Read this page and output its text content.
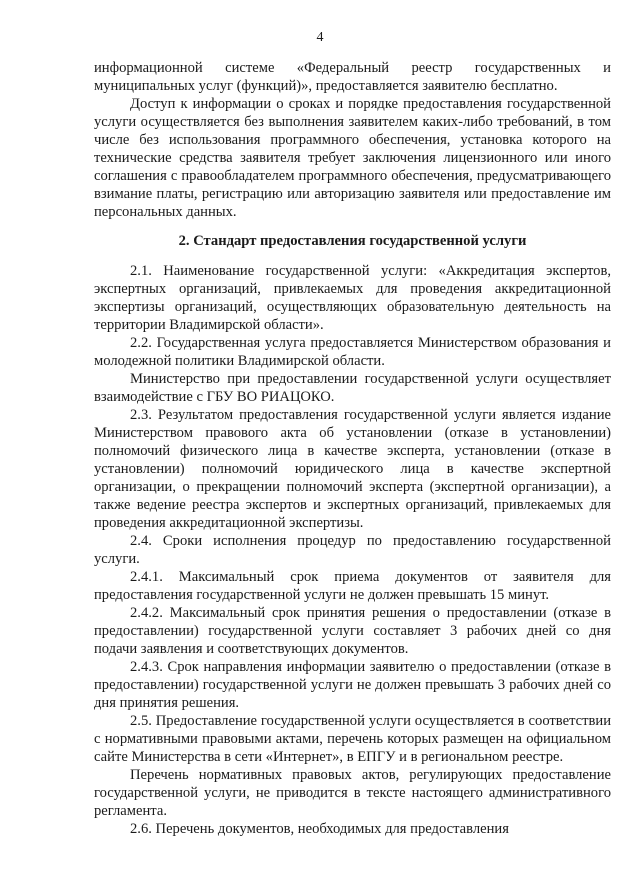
4

информационной системе «Федеральный реестр государственных и муниципальных услуг (функций)», предоставляется заявителю бесплатно.

Доступ к информации о сроках и порядке предоставления государственной услуги осуществляется без выполнения заявителем каких-либо требований, в том числе без использования программного обеспечения, установка которого на технические средства заявителя требует заключения лицензионного или иного соглашения с правообладателем программного обеспечения, предусматривающего взимание платы, регистрацию или авторизацию заявителя или предоставление им персональных данных.

2. Стандарт предоставления государственной услуги

2.1. Наименование государственной услуги: «Аккредитация экспертов, экспертных организаций, привлекаемых для проведения аккредитационной экспертизы организаций, осуществляющих образовательную деятельность на территории Владимирской области».

2.2. Государственная услуга предоставляется Министерством образования и молодежной политики Владимирской области.

Министерство при предоставлении государственной услуги осуществляет взаимодействие с ГБУ ВО РИАЦОКО.

2.3. Результатом предоставления государственной услуги является издание Министерством правового акта об установлении (отказе в установлении) полномочий физического лица в качестве эксперта, установлении (отказе в установлении) полномочий юридического лица в качестве экспертной организации, о прекращении полномочий эксперта (экспертной организации), а также ведение реестра экспертов и экспертных организаций, привлекаемых для проведения аккредитационной экспертизы.

2.4. Сроки исполнения процедур по предоставлению государственной услуги.

2.4.1. Максимальный срок приема документов от заявителя для предоставления государственной услуги не должен превышать 15 минут.

2.4.2. Максимальный срок принятия решения о предоставлении (отказе в предоставлении) государственной услуги составляет 3 рабочих дней со дня подачи заявления и соответствующих документов.

2.4.3. Срок направления информации заявителю о предоставлении (отказе в предоставлении) государственной услуги не должен превышать 3 рабочих дней со дня принятия решения.

2.5. Предоставление государственной услуги осуществляется в соответствии с нормативными правовыми актами, перечень которых размещен на официальном сайте Министерства в сети «Интернет», в ЕПГУ и в региональном реестре.

Перечень нормативных правовых актов, регулирующих предоставление государственной услуги, не приводится в тексте настоящего административного регламента.

2.6. Перечень документов, необходимых для предоставления
